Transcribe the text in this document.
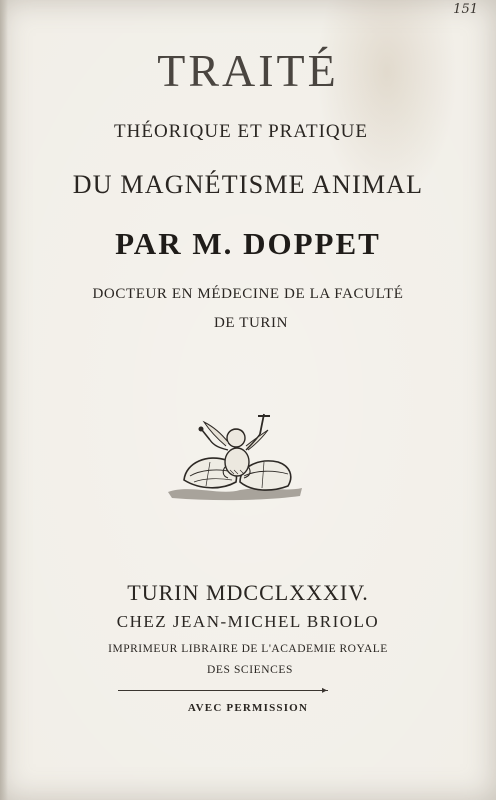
151
TRAITÉ
THÉORIQUE ET PRATIQUE
DU MAGNÉTISME ANIMAL
PAR M. DOPPET
DOCTEUR EN MÉDECINE DE LA FACULTÉ
DE TURIN
TURIN MDCCLXXXIV.
CHEZ JEAN-MICHEL BRIOLO
IMPRIMEUR LIBRAIRE DE L'ACADEMIE ROYALE
DES SCIENCES
▸
AVEC PERMISSION
